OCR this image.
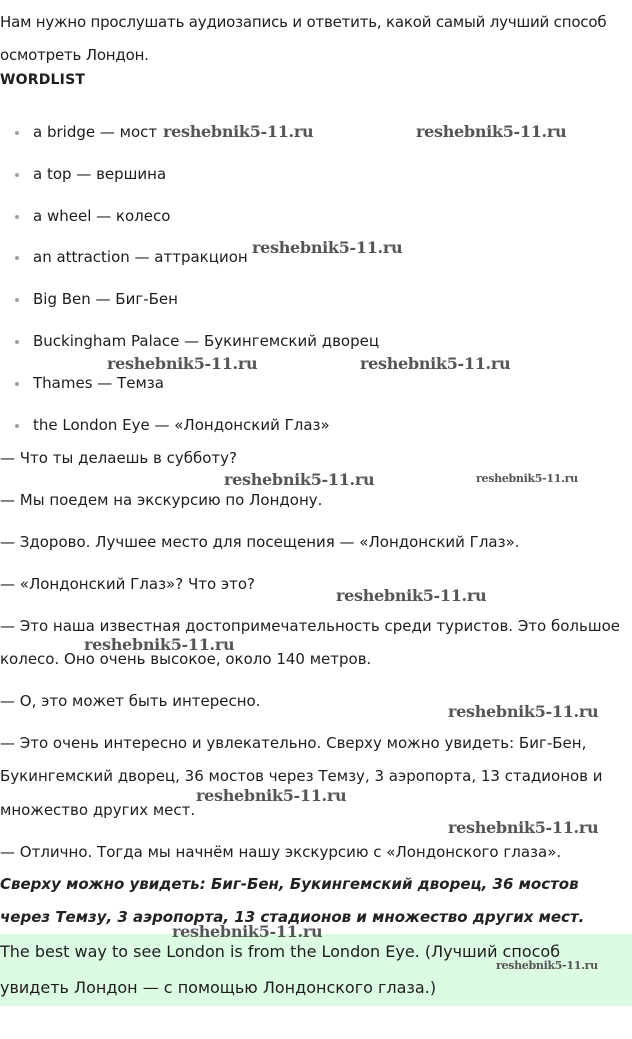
Нам нужно прослушать аудиозапись и ответить, какой самый лучший способ осмотреть Лондон.

WORDLIST
a bridge — мост
a top — вершина
a wheel — колесо
an attraction — аттракцион
Big Ben — Биг-Бен
Buckingham Palace — Букингемский дворец
Thames — Темза
the London Eye — «Лондонский Глаз»

— Что ты делаешь в субботу?

— Мы поедем на экскурсию по Лондону.

— Здорово. Лучшее место для посещения — «Лондонский Глаз».

— «Лондонский Глаз»? Что это?

— Это наша известная достопримечательность среди туристов. Это большое колесо. Оно очень высокое, около 140 метров.

— О, это может быть интересно.

— Это очень интересно и увлекательно. Сверху можно увидеть: Биг-Бен, Букингемский дворец, 36 мостов через Темзу, 3 аэропорта, 13 стадионов и множество других мест.

— Отлично. Тогда мы начнём нашу экскурсию с «Лондонского глаза».

Сверху можно увидеть: Биг-Бен, Букингемский дворец, 36 мостов через Темзу, 3 аэропорта, 13 стадионов и множество других мест.

The best way to see London is from the London Eye. (Лучший способ увидеть Лондон — с помощью Лондонского глаза.)

reshebnik5-11.ru	reshebnik5-11.ru
reshebnik5-11.ru
reshebnik5-11.ru	reshebnik5-11.ru
reshebnik5-11.ru	reshebnik5-11.ru
reshebnik5-11.ru
reshebnik5-11.ru
reshebnik5-11.ru
reshebnik5-11.ru
reshebnik5-11.ru
reshebnik5-11.ru
reshebnik5-11.ru
